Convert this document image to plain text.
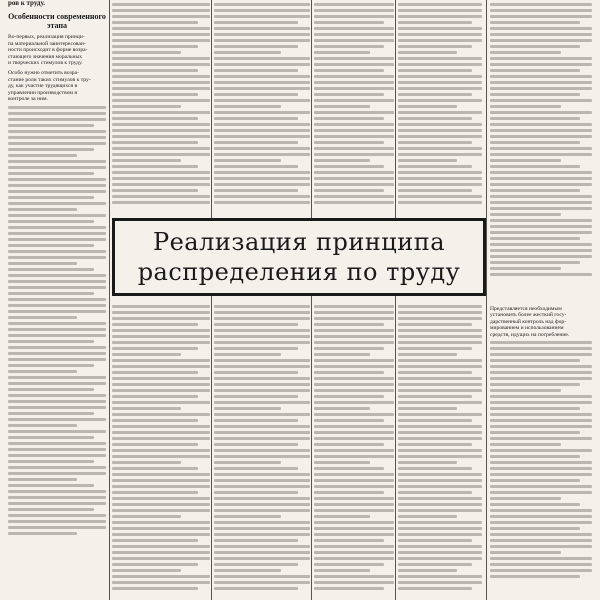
ров к труду.
Особенности современного этапа
Во-первых, реализация принци-
па материальной заинтересован-
ности происходит в форме возра-
стающего значения моральных
и творческих стимулов к труду.
Особо нужно отметить возра-
стание роли таких стимулов к тру-
ду, как участие трудящихся в
управлении производством и
контроле за ним.
Представляется необходимым
установить более жесткий госу-
дарственный контроль над фор-
мированием и использованием
средств, идущих на потребление.
Реализация принципа
распределения по труду
